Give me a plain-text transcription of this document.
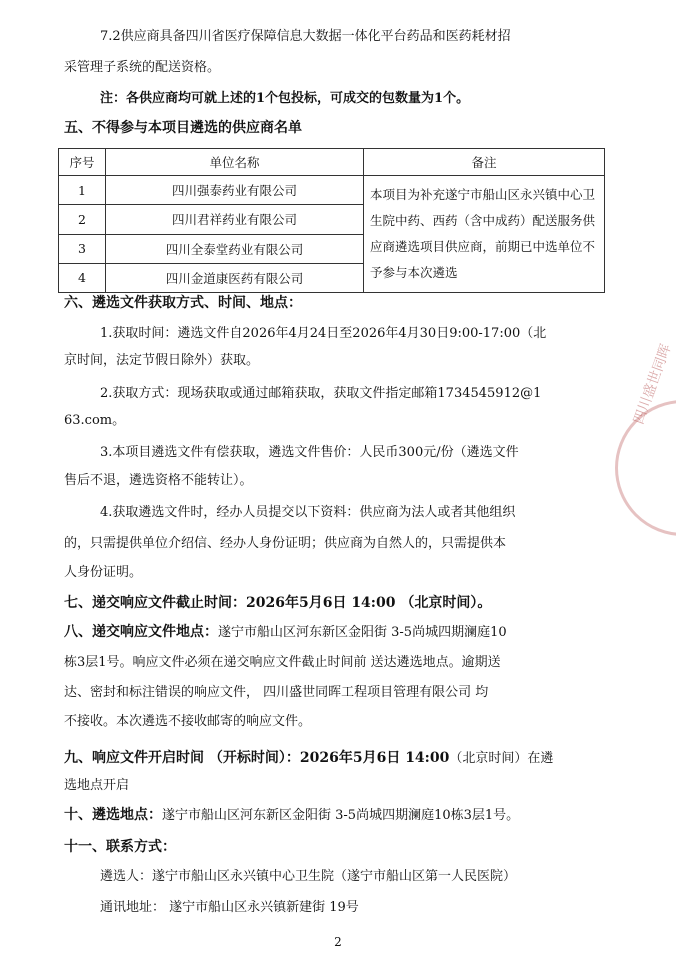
7.2供应商具备四川省医疗保障信息大数据一体化平台药品和医药耗材招
采管理子系统的配送资格。
注：各供应商均可就上述的1个包投标，可成交的包数量为1个。
五、不得参与本项目遴选的供应商名单
序号	单位名称	备注
1	四川强泰药业有限公司	本项目为补充遂宁市船山区永兴镇中心卫生院中药、西药（含中成药）配送服务供应商遴选项目供应商，前期已中选单位不予参与本次遴选
2	四川君祥药业有限公司	
3	四川全泰堂药业有限公司	
4	四川金道康医药有限公司	
六、遴选文件获取方式、时间、地点：
1.获取时间：遴选文件自2026年4月24日至2026年4月30日9:00-17:00（北
京时间，法定节假日除外）获取。
2.获取方式：现场获取或通过邮箱获取，获取文件指定邮箱1734545912@1
63.com。
3.本项目遴选文件有偿获取，遴选文件售价：人民币300元/份（遴选文件
售后不退，遴选资格不能转让）。
4.获取遴选文件时，经办人员提交以下资料：供应商为法人或者其他组织
的，只需提供单位介绍信、经办人身份证明；供应商为自然人的，只需提供本
人身份证明。
七、递交响应文件截止时间：2026年5月6日 14:00 （北京时间）。
八、递交响应文件地点：遂宁市船山区河东新区金阳街 3-5尚城四期澜庭10
栋3层1号。响应文件必须在递交响应文件截止时间前 送达遴选地点。逾期送
达、密封和标注错误的响应文件， 四川盛世同晖工程项目管理有限公司 均
不接收。本次遴选不接收邮寄的响应文件。
九、响应文件开启时间 （开标时间）：2026年5月6日 14:00（北京时间）在遴
选地点开启
十、遴选地点：遂宁市船山区河东新区金阳街 3-5尚城四期澜庭10栋3层1号。
十一、联系方式：
遴选人：遂宁市船山区永兴镇中心卫生院（遂宁市船山区第一人民医院）
通讯地址： 遂宁市船山区永兴镇新建街 19号
四川盛世同晖
2
